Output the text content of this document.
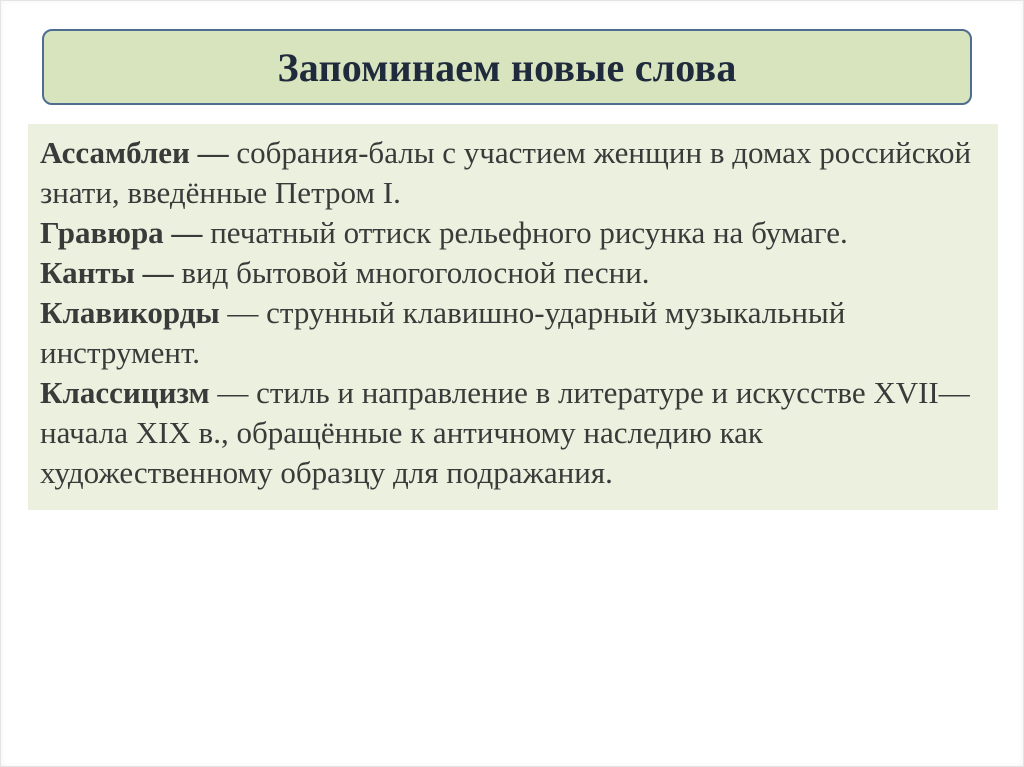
Запоминаем новые слова

Ассамблеи — собрания-балы с участием женщин в домах российской знати, введённые Петром I.

Гравюра — печатный оттиск рельефного рисунка на бумаге.

Канты — вид бытовой многоголосной песни.

Клавикорды — струнный клавишно-ударный музыкальный инструмент.

Классицизм — стиль и направление в литературе и искусстве XVII— начала XIX в., обращённые к античному наследию как художественному образцу для подражания.
